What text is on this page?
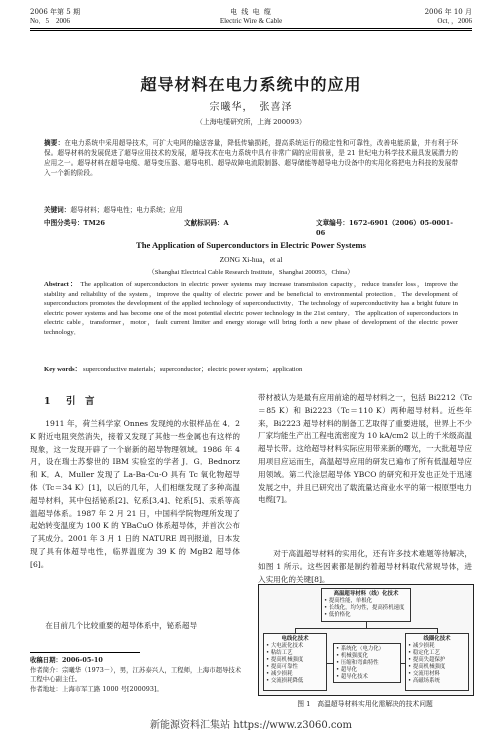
2006 年第 5 期
No．5　2006
电 线 电 缆
Electric Wire & Cable
2006 年 10 月
Oct．，2006
超导材料在电力系统中的应用
宗曦华，　张喜泽
（上海电缆研究所，上海 200093）
摘要：在电力系统中采用超导技术，可扩大电网的输送容量，降低传输损耗，提高系统运行的稳定性和可靠性，改善电能质量，并有利于环保。超导材料的发展促进了超导应用技术的发展，超导技术在电力系统中具有非常广阔的应用前景，是 21 世纪电力科学技术最具发展潜力的应用之一。超导材料在超导电缆、超导变压器、超导电机、超导故障电流限制器、超导储能等超导电力设备中的实用化将把电力科技的发展带入一个新的阶段。
关键词：超导材料；超导电性；电力系统；应用
中图分类号：TM26	文献标识码：A	文章编号：1672-6901（2006）05-0001-06
The Application of Superconductors in Electric Power Systems
ZONG Xi-hua，et al
（Shanghai Electrical Cable Research Institute，Shanghai 200093，China）
Abstract： The application of superconductors in electric power systems may increase transmission capacity，reduce transfer loss，improve the stability and reliability of the system，improve the quality of electric power and be beneficial to environmental protection．The development of superconductors promotes the development of the applied technology of superconductivity．The technology of superconductivity has a bright future in electric power systems and has become one of the most potential electric power technology in the 21st century．The application of superconductors in electric cable，transformer，motor，fault current limiter and energy storage will bring forth a new phase of development of the electric power technology．
Key words： superconductive materials；superconductor；electric power system；application
1 引　言
1911 年，荷兰科学家 Onnes 发现纯的水银样品在 4．2 K 附近电阻突然消失，接着又发现了其他一些金属也有这样的现象，这一发现开辟了一个崭新的超导物理领域。1986 年 4 月，设在瑞士苏黎世的 IBM 实验室的学者 J．G．Bednorz 和 K．A．Muller 发现了 La-Ba-Cu-O 具有 Tc 氧化物超导体（Tc＝34 K）[1]，以后的几年，人们相继发现了多种高温超导材料，其中包括铋系[2]、钇系[3,4]、铊系[5]、汞系等高温超导体系。1987 年 2 月 21 日，中国科学院物理所发现了起始转变温度为 100 K 的 YBaCuO 体系超导体，并首次公布了其成分。2001 年 3 月 1 日的 NATURE 周刊报道，日本发现了具有体超导电性，临界温度为 39 K 的 MgB2 超导体[6]。
在目前几个比较重要的超导体系中，铋系超导
收稿日期：2006-05-10
作者简介：宗曦华（1973－），男，江苏泰兴人，工程师，上海市超导技术工程中心副主任。
作者地址：上海市军工路 1000 号[200093]。
带材被认为是最有应用前途的超导材料之一，包括 Bi2212（Tc＝85 K）和 Bi2223（Tc＝110 K）两种超导材料。近些年来，Bi2223 超导材料的制备工艺取得了重要进展，世界上不少厂家均能生产出工程电流密度为 10 kA/cm2 以上的千米级高温超导长带。这给超导材料实际应用带来新的曙光，一大批超导应用项目应运而生，高温超导应用的研发已遍布了所有低温超导应用领域。第二代涂层超导体 YBCO 的研究和开发也正处于迅速发展之中，并且已研究出了载流量达商业水平的第一根原型电力电缆[7]。
对于高温超导材料的实用化，还有许多技术难题等待解决，如图 1 所示。这些因素都是制约着超导材料取代常规导体，进入实用化的关键[8]。
高温超导材料（线）化技术
• 提高性能，单根化
• 长线化，均匀性，提高捞机速度
• 低价格化
电线化技术
• 大电流化技术
• 粘结工艺
• 提高机械强度
• 提高可靠性
• 减少损耗
• 交流损耗降低
• 系统化（电力化）
• 机械强度化
• 压缩和弯曲特性
• 超导化
• 超导化技术
线圈化技术
• 减少损耗
• 稳定化工艺
• 提高失超保护
• 提高机械强度
• 交流用材料
• 高磁场系统
图 1　高温超导材料实用化需解决的技术问题
新能源资料汇集站 https://www.z3060.com
